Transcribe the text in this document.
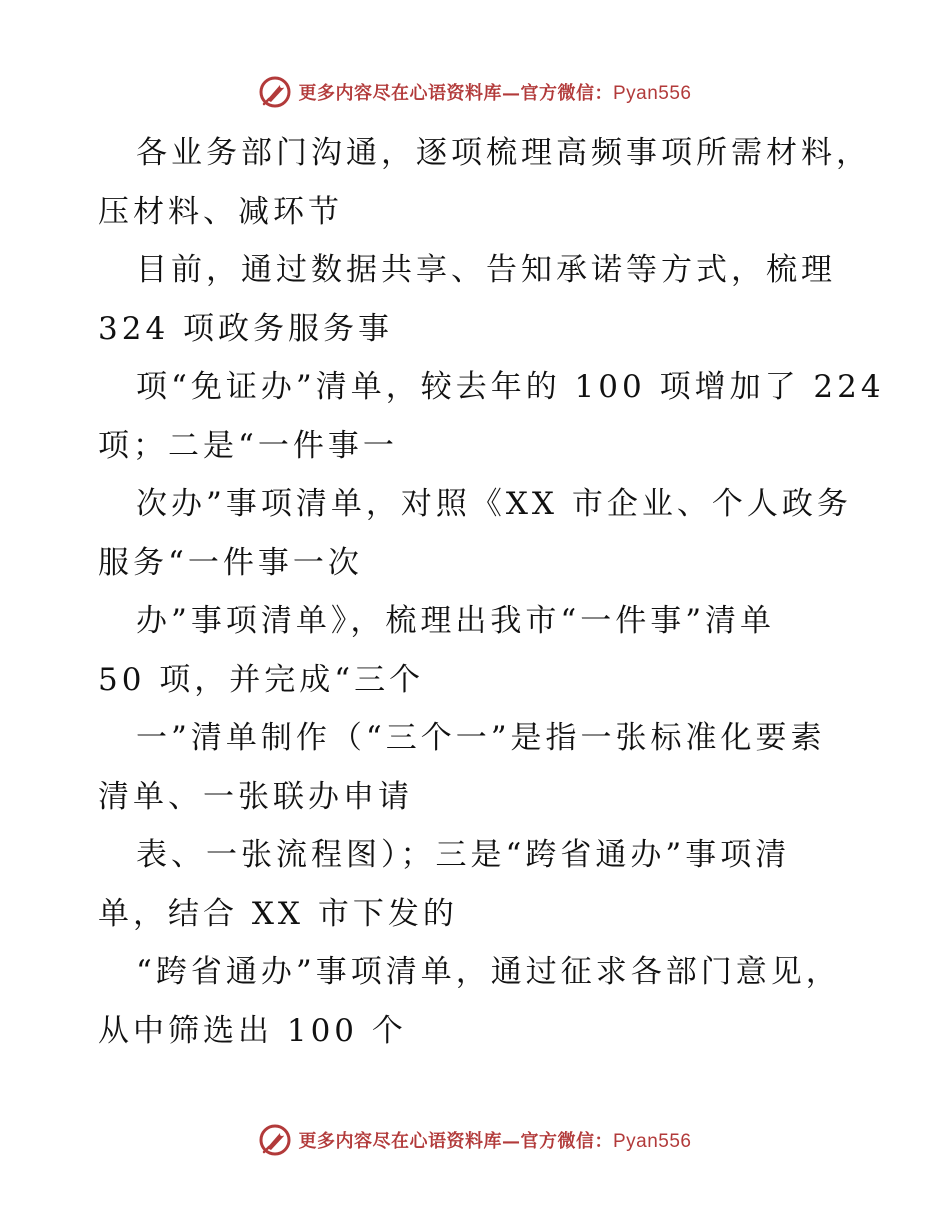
更多内容尽在心语资料库—官方微信：Pyan556
各业务部门沟通，逐项梳理高频事项所需材料，
压材料、减环节
目前，通过数据共享、告知承诺等方式，梳理
324 项政务服务事
项“免证办”清单，较去年的 100 项增加了 224
项；二是“一件事一
次办”事项清单，对照《XX 市企业、个人政务
服务“一件事一次
办”事项清单》，梳理出我市“一件事”清单
50 项，并完成“三个
一”清单制作（“三个一”是指一张标准化要素
清单、一张联办申请
表、一张流程图）；三是“跨省通办”事项清
单，结合 XX 市下发的
“跨省通办”事项清单，通过征求各部门意见，
从中筛选出 100 个
更多内容尽在心语资料库—官方微信：Pyan556
